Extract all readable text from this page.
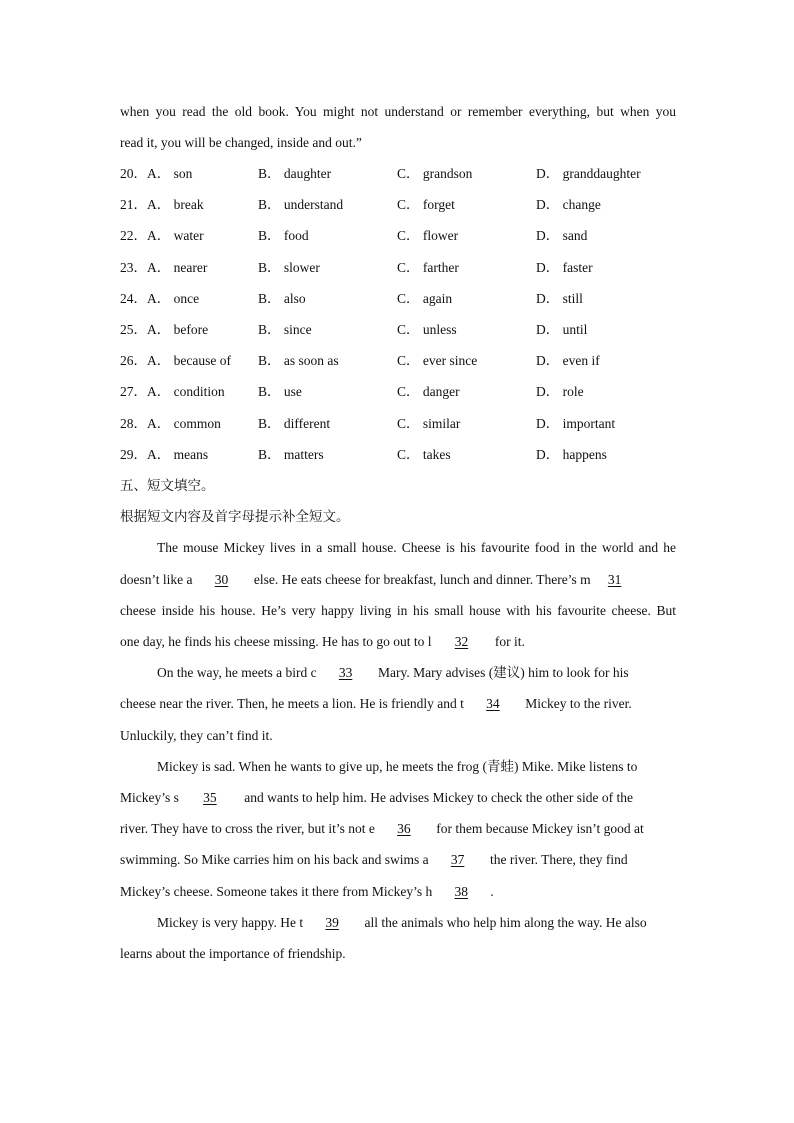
when you read the old book. You might not understand or remember everything, but when you
read it, you will be changed, inside and out.”
20．A． son	B． daughter	C． grandson	D． granddaughter
21．A． break	B． understand	C． forget	D． change
22．A． water	B． food	C． flower	D． sand
23．A． nearer	B． slower	C． farther	D． faster
24．A． once	B． also	C． again	D． still
25．A． before	B． since	C． unless	D． until
26．A． because of B． as soon as	C． ever since	D． even if
27．A． condition B． use	C． danger	D． role
28．A． common	B． different	C． similar	D． important
29．A． means	B． matters	C． takes	D． happens
五、短文填空。
根据短文内容及首字母提示补全短文。
The mouse Mickey lives in a small house. Cheese is his favourite food in the world and he
doesn’t like a 30 else. He eats cheese for breakfast, lunch and dinner. There’s m 31
cheese inside his house. He’s very happy living in his small house with his favourite cheese. But
one day, he finds his cheese missing. He has to go out to l 32 for it.
On the way, he meets a bird c 33 Mary. Mary advises (建议) him to look for his
cheese near the river. Then, he meets a lion. He is friendly and t 34 Mickey to the river.
Unluckily, they can’t find it.
Mickey is sad. When he wants to give up, he meets the frog (青蛙) Mike. Mike listens to
Mickey’s s 35 and wants to help him. He advises Mickey to check the other side of the
river. They have to cross the river, but it’s not e 36 for them because Mickey isn’t good at
swimming. So Mike carries him on his back and swims a 37 the river. There, they find
Mickey’s cheese. Someone takes it there from Mickey’s h 38 .
Mickey is very happy. He t 39 all the animals who help him along the way. He also
learns about the importance of friendship.
